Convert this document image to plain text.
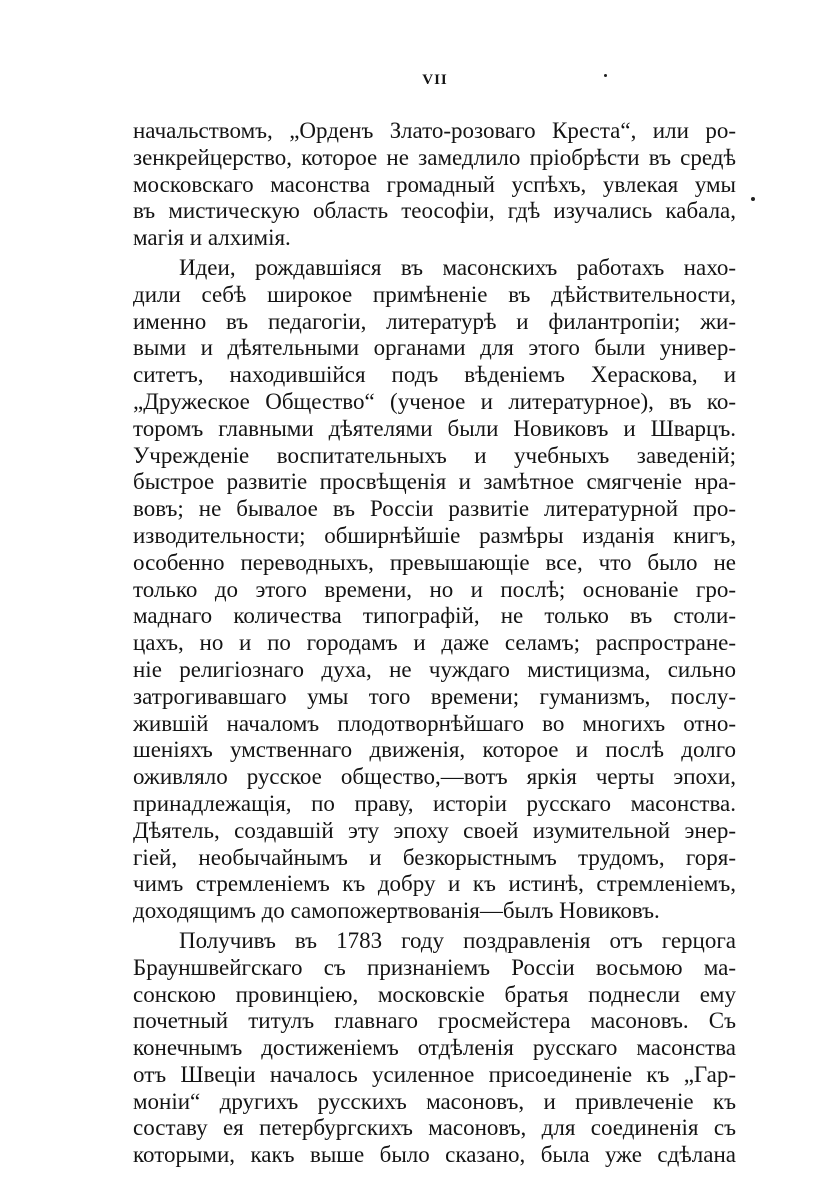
VII
начальствомъ, „Орденъ Злато-розоваго Креста“, или ро-
зенкрейцерство, которое не замедлило пріобрѣсти въ средѣ
московскаго масонства громадный успѣхъ, увлекая умы
въ мистическую область теософіи, гдѣ изучались кабала,
магія и алхимія.
Идеи, рождавшіяся въ масонскихъ работахъ нахо-
дили себѣ широкое примѣненіе въ дѣйствительности,
именно въ педагогіи, литературѣ и филантропіи; жи-
выми и дѣятельными органами для этого были универ-
ситетъ, находившійся подъ вѣденіемъ Хераскова, и
„Дружеское Общество“ (ученое и литературное), въ ко-
торомъ главными дѣятелями были Новиковъ и Шварцъ.
Учрежденіе воспитательныхъ и учебныхъ заведеній;
быстрое развитіе просвѣщенія и замѣтное смягченіе нра-
вовъ; не бывалое въ Россіи развитіе литературной про-
изводительности; обширнѣйшіе размѣры изданія книгъ,
особенно переводныхъ, превышающіе все, что было не
только до этого времени, но и послѣ; основаніе гро-
маднаго количества типографій, не только въ столи-
цахъ, но и по городамъ и даже селамъ; распростране-
ніе религіознаго духа, не чуждаго мистицизма, сильно
затрогивавшаго умы того времени; гуманизмъ, послу-
жившій началомъ плодотворнѣйшаго во многихъ отно-
шеніяхъ умственнаго движенія, которое и послѣ долго
оживляло русское общество,—вотъ яркія черты эпохи,
принадлежащія, по праву, исторіи русскаго масонства.
Дѣятель, создавшій эту эпоху своей изумительной энер-
гіей, необычайнымъ и безкорыстнымъ трудомъ, горя-
чимъ стремленіемъ къ добру и къ истинѣ, стремленіемъ,
доходящимъ до самопожертвованія—былъ Новиковъ.
Получивъ въ 1783 году поздравленія отъ герцога
Брауншвейгскаго съ признаніемъ Россіи восьмою ма-
сонскою провинціею, московскіе братья поднесли ему
почетный титулъ главнаго гросмейстера масоновъ. Съ
конечнымъ достиженіемъ отдѣленія русскаго масонства
отъ Швеціи началось усиленное присоединеніе къ „Гар-
моніи“ другихъ русскихъ масоновъ, и привлеченіе къ
составу ея петербургскихъ масоновъ, для соединенія съ
которыми, какъ выше было сказано, была уже сдѣлана
